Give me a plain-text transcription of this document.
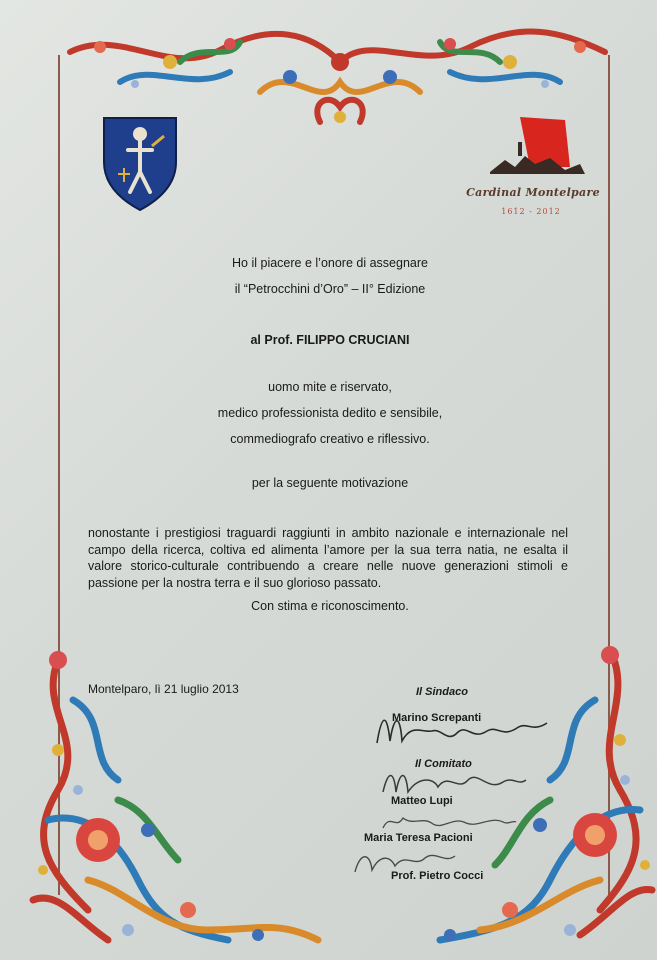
Cardinal Montelpare
1612 - 2012
Ho il piacere e l’onore di assegnare
il “Petrocchini d’Oro” – II° Edizione
al Prof. FILIPPO CRUCIANI
uomo mite e riservato,
medico professionista dedito e sensibile,
commediografo creativo e riflessivo.
per la seguente motivazione
nonostante i prestigiosi traguardi raggiunti in ambito nazionale e internazionale nel campo della ricerca, coltiva ed alimenta l’amore per la sua terra natia, ne esalta il valore storico-culturale contribuendo a creare nelle nuove generazioni stimoli e passione per la nostra terra e il suo glorioso passato.
Con stima e riconoscimento.
Montelparo, lì 21 luglio 2013	Il Sindaco
Marino Screpanti
Il Comitato
Matteo Lupi
Maria Teresa Pacioni
Prof. Pietro Cocci
